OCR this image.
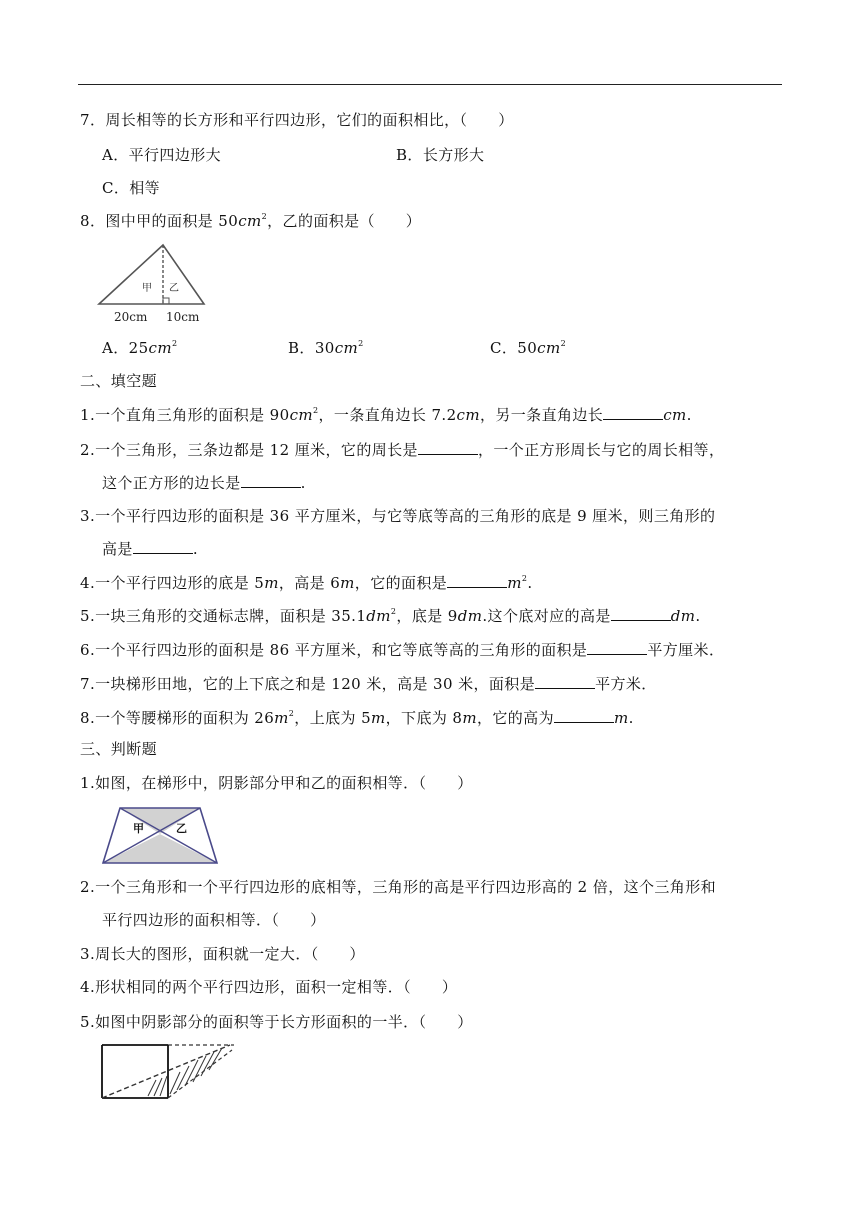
7．周长相等的长方形和平行四边形，它们的面积相比，（　　）
A．平行四边形大	B．长方形大
C．相等
8．图中甲的面积是 $50cm^2$，乙的面积是（　　）
甲 乙
20cm 10cm
A．$25cm^2$	B．$30cm^2$	C．$50cm^2$
二、填空题
1.一个直角三角形的面积是 $90cm^2$，一条直角边长 7.2cm，另一条直角边长	cm.
2.一个三角形，三条边都是 12 厘米，它的周长是	，一个正方形周长与它的周长相等，
这个正方形的边长是	.
3.一个平行四边形的面积是 36 平方厘米，与它等底等高的三角形的底是 9 厘米，则三角形的
高是	.
4.一个平行四边形的底是 5m，高是 6m，它的面积是	$m^2$.
5.一块三角形的交通标志牌，面积是 $35.1dm^2$，底是 9dm.这个底对应的高是	dm.
6.一个平行四边形的面积是 86 平方厘米，和它等底等高的三角形的面积是	平方厘米．
7.一块梯形田地，它的上下底之和是 120 米，高是 30 米，面积是	平方米．
8.一个等腰梯形的面积为 $26m^2$，上底为 5m，下底为 8m，它的高为	m.
三、判断题
1.如图，在梯形中，阴影部分甲和乙的面积相等．（　　）
甲	乙
2.一个三角形和一个平行四边形的底相等，三角形的高是平行四边形高的 2 倍，这个三角形和
平行四边形的面积相等．（　　）
3.周长大的图形，面积就一定大．（　　）
4.形状相同的两个平行四边形，面积一定相等．（　　）
5.如图中阴影部分的面积等于长方形面积的一半．（　　）
